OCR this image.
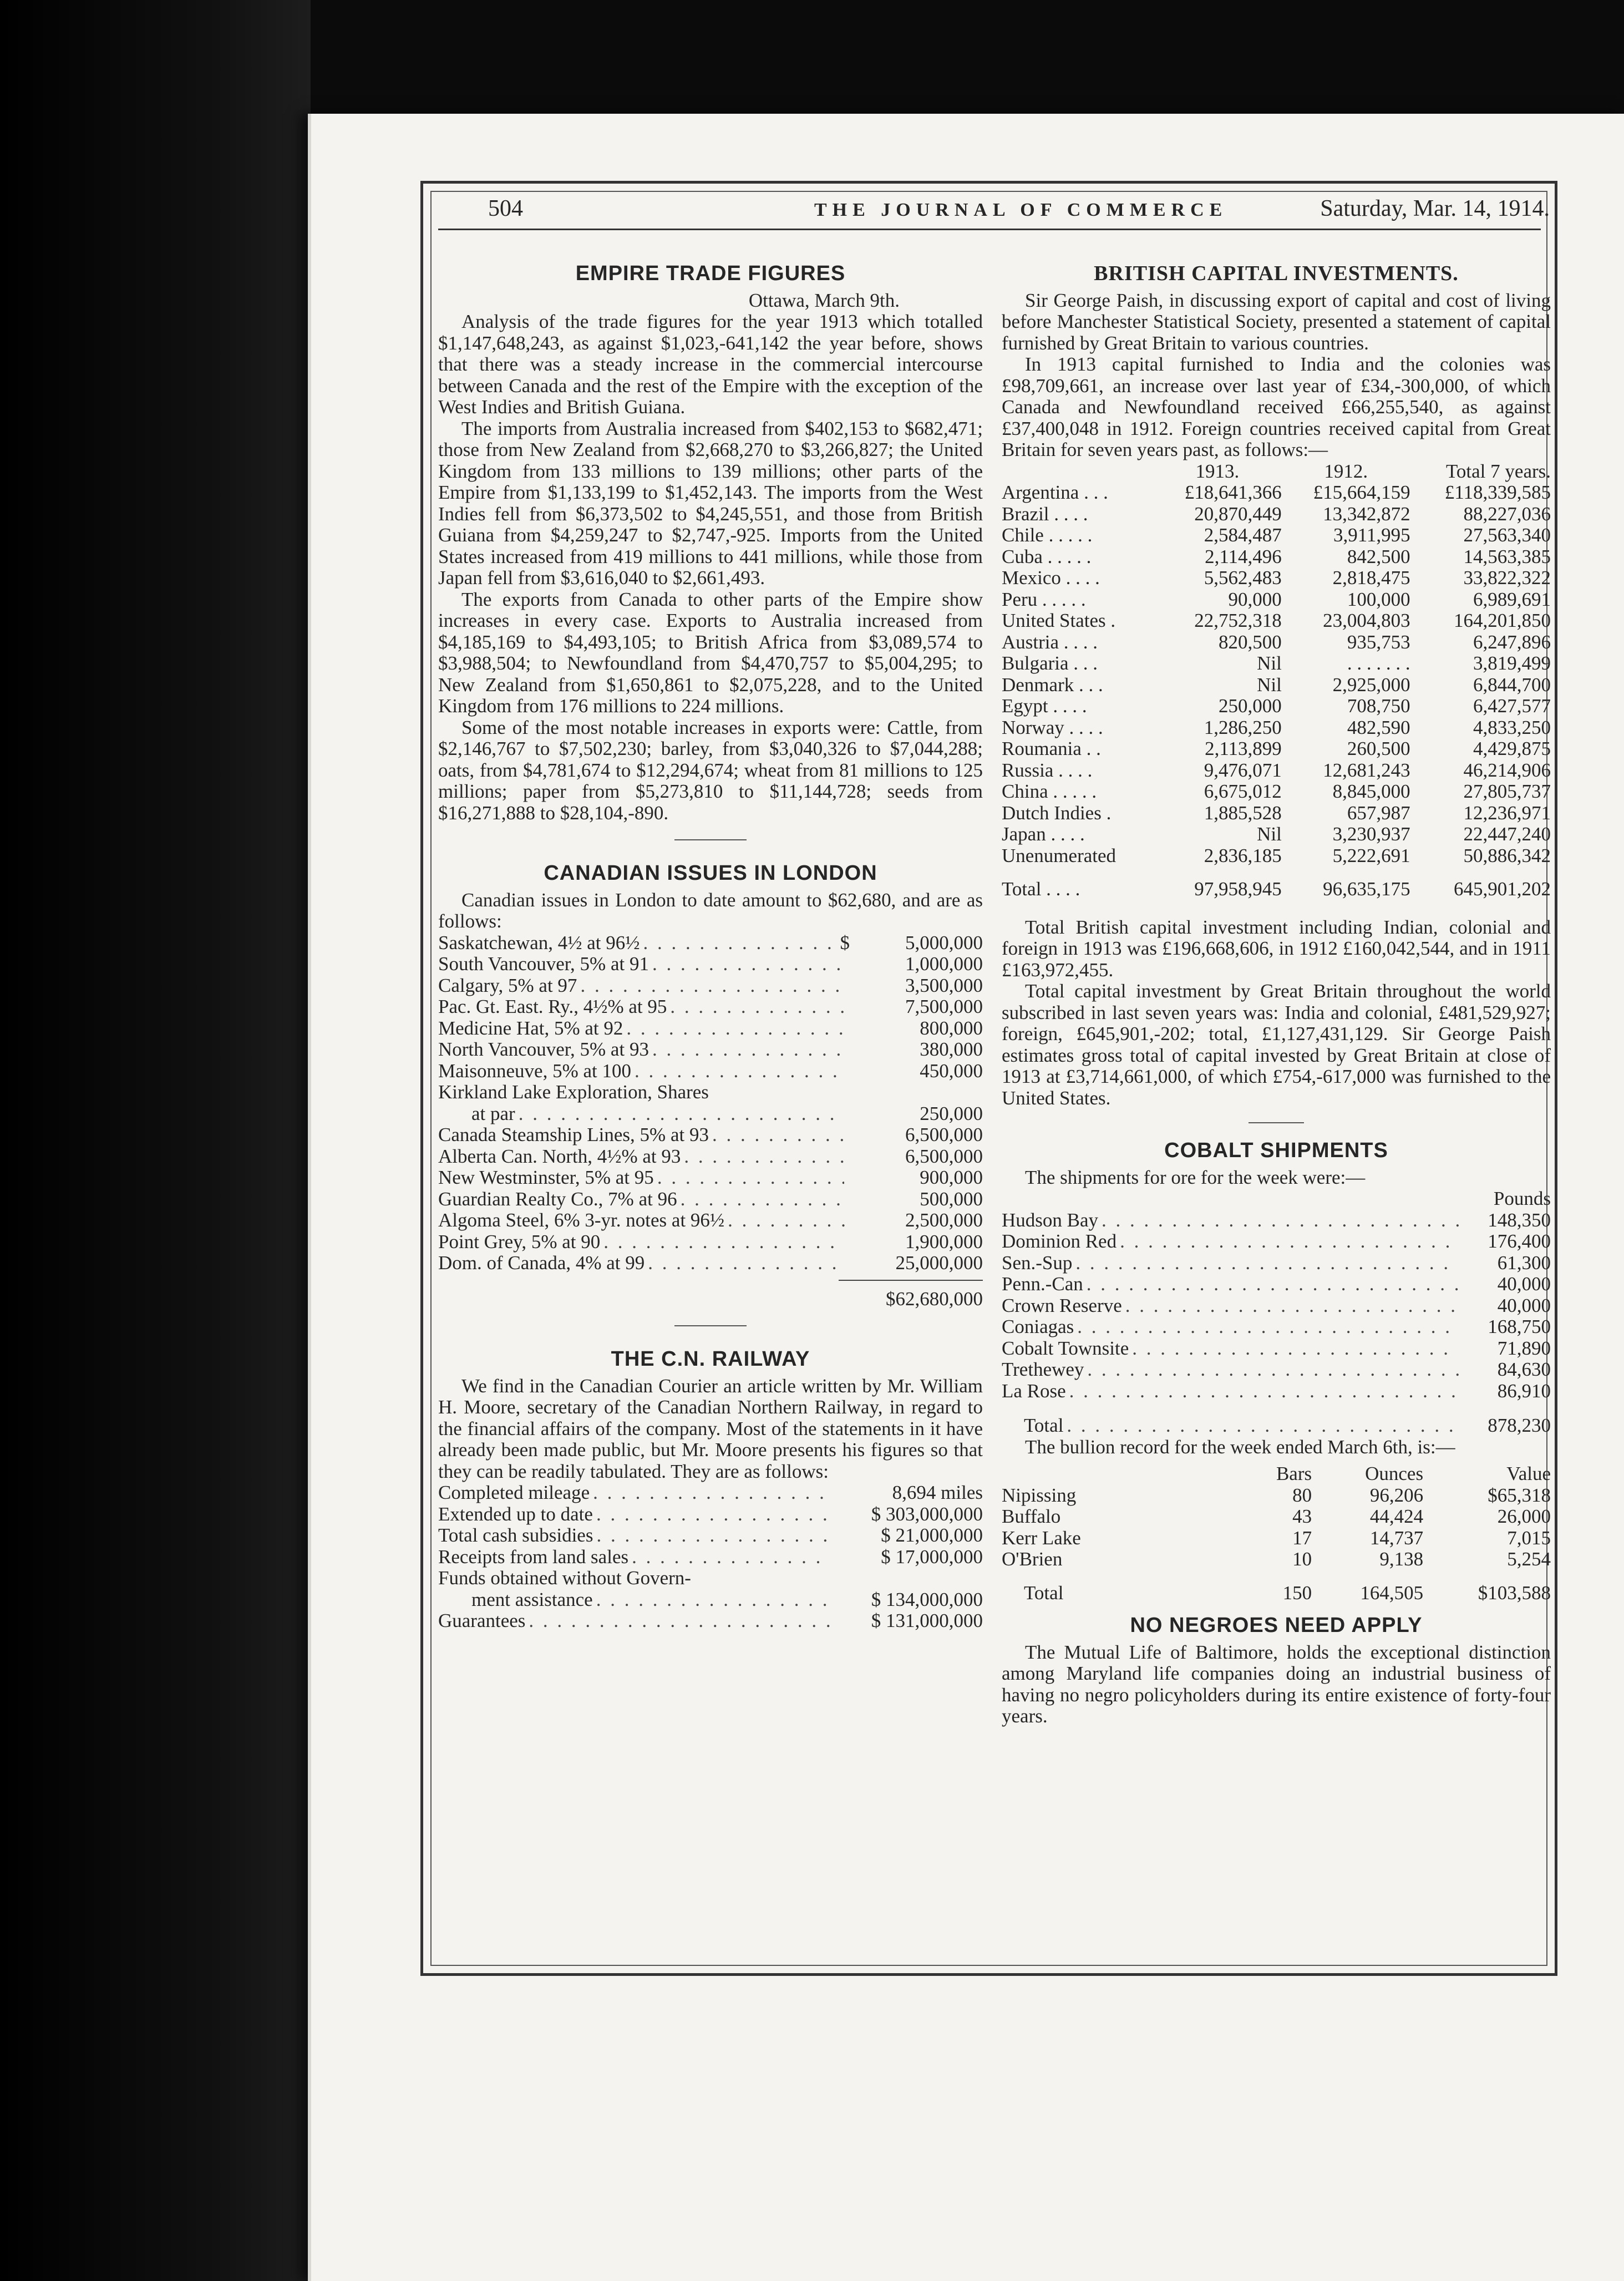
504	THE JOURNAL OF COMMERCE	Saturday, Mar. 14, 1914.
EMPIRE TRADE FIGURES
Ottawa, March 9th.

Analysis of the trade figures for the year 1913 which totalled $1,147,648,243, as against $1,023,-641,142 the year before, shows that there was a steady increase in the commercial intercourse between Canada and the rest of the Empire with the exception of the West Indies and British Guiana.

The imports from Australia increased from $402,153 to $682,471; those from New Zealand from $2,668,270 to $3,266,827; the United Kingdom from 133 millions to 139 millions; other parts of the Empire from $1,133,199 to $1,452,143. The imports from the West Indies fell from $6,373,502 to $4,245,551, and those from British Guiana from $4,259,247 to $2,747,-925. Imports from the United States increased from 419 millions to 441 millions, while those from Japan fell from $3,616,040 to $2,661,493.

The exports from Canada to other parts of the Empire show increases in every case. Exports to Australia increased from $4,185,169 to $4,493,105; to British Africa from $3,089,574 to $3,988,504; to Newfoundland from $4,470,757 to $5,004,295; to New Zealand from $1,650,861 to $2,075,228, and to the United Kingdom from 176 millions to 224 millions.

Some of the most notable increases in exports were: Cattle, from $2,146,767 to $7,502,230; barley, from $3,040,326 to $7,044,288; oats, from $4,781,674 to $12,294,674; wheat from 81 millions to 125 millions; paper from $5,273,810 to $11,144,728; seeds from $16,271,888 to $28,104,-890.

CANADIAN ISSUES IN LONDON

Canadian issues in London to date amount to $62,680, and are as follows:

Saskatchewan, 4½ at 96½ . . .	$	5,000,000
South Vancouver, 5% at 91 . . .	1,000,000
Calgary, 5% at 97 . . .	3,500,000
Pac. Gt. East. Ry., 4½% at 95 . . .	7,500,000
Medicine Hat, 5% at 92 . . .	800,000
North Vancouver, 5% at 93 . . .	380,000
Maisonneuve, 5% at 100 . . .	450,000
Kirkland Lake Exploration, Shares
at par . . .	250,000
Canada Steamship Lines, 5% at 93 . . .	6,500,000
Alberta Can. North, 4½% at 93 . . .	6,500,000
New Westminster, 5% at 95 . . .	900,000
Guardian Realty Co., 7% at 96 . . .	500,000
Algoma Steel, 6% 3-yr. notes at 96½ . . .	2,500,000
Point Grey, 5% at 90 . . .	1,900,000
Dom. of Canada, 4% at 99 . . .	25,000,000
$62,680,000
THE C.N. RAILWAY

We find in the Canadian Courier an article written by Mr. William H. Moore, secretary of the Canadian Northern Railway, in regard to the financial affairs of the company. Most of the statements in it have already been made public, but Mr. Moore presents his figures so that they can be readily tabulated. They are as follows:

Completed mileage . . .	8,694 miles
Extended up to date . . .	$ 303,000,000
Total cash subsidies . . .	$ 21,000,000
Receipts from land sales . . .	$ 17,000,000
Funds obtained without Govern-
ment assistance . . .	$ 134,000,000
Guarantees . . .	$ 131,000,000
BRITISH CAPITAL INVESTMENTS.

Sir George Paish, in discussing export of capital and cost of living before Manchester Statistical Society, presented a statement of capital furnished by Great Britain to various countries.

In 1913 capital furnished to India and the colonies was £98,709,661, an increase over last year of £34,-300,000, of which Canada and Newfoundland received £66,255,540, as against £37,400,048 in 1912. Foreign countries received capital from Great Britain for seven years past, as follows:—

	1913.	1912.	Total 7 years.
Argentina . . .	£18,641,366	£15,664,159	£118,339,585
Brazil . . . .	20,870,449	13,342,872	88,227,036
Chile . . . . .	2,584,487	3,911,995	27,563,340
Cuba . . . . .	2,114,496	842,500	14,563,385
Mexico . . . .	5,562,483	2,818,475	33,822,322
Peru . . . . .	90,000	100,000	6,989,691
United States .	22,752,318	23,004,803	164,201,850
Austria . . . .	820,500	935,753	6,247,896
Bulgaria . . .	Nil	. . . . . . .	3,819,499
Denmark . . .	Nil	2,925,000	6,844,700
Egypt . . . .	250,000	708,750	6,427,577
Norway . . . .	1,286,250	482,590	4,833,250
Roumania . .	2,113,899	260,500	4,429,875
Russia . . . .	9,476,071	12,681,243	46,214,906
China . . . . .	6,675,012	8,845,000	27,805,737
Dutch Indies .	1,885,528	657,987	12,236,971
Japan . . . .	Nil	3,230,937	22,447,240
Unenumerated	2,836,185	5,222,691	50,886,342
Total . . . .	97,958,945	96,635,175	645,901,202

Total British capital investment including Indian, colonial and foreign in 1913 was £196,668,606, in 1912 £160,042,544, and in 1911 £163,972,455.

Total capital investment by Great Britain throughout the world subscribed in last seven years was: India and colonial, £481,529,927; foreign, £645,901,-202; total, £1,127,431,129. Sir George Paish estimates gross total of capital invested by Great Britain at close of 1913 at £3,714,661,000, of which £754,-617,000 was furnished to the United States.

COBALT SHIPMENTS

The shipments for ore for the week were:—

Pounds
Hudson Bay . . .	148,350
Dominion Red . . .	176,400
Sen.-Sup . . .	61,300
Penn.-Can . . .	40,000
Crown Reserve . . .	40,000
Coniagas . . .	168,750
Cobalt Townsite . . .	71,890
Trethewey . . .	84,630
La Rose . . .	86,910
Total . . .	878,230

The bullion record for the week ended March 6th, is:—

	Bars	Ounces	Value
Nipissing	80	96,206	$65,318
Buffalo	43	44,424	26,000
Kerr Lake	17	14,737	7,015
O'Brien	10	9,138	5,254
Total	150	164,505	$103,588
NO NEGROES NEED APPLY

The Mutual Life of Baltimore, holds the exceptional distinction among Maryland life companies doing an industrial business of having no negro policyholders during its entire existence of forty-four years.
